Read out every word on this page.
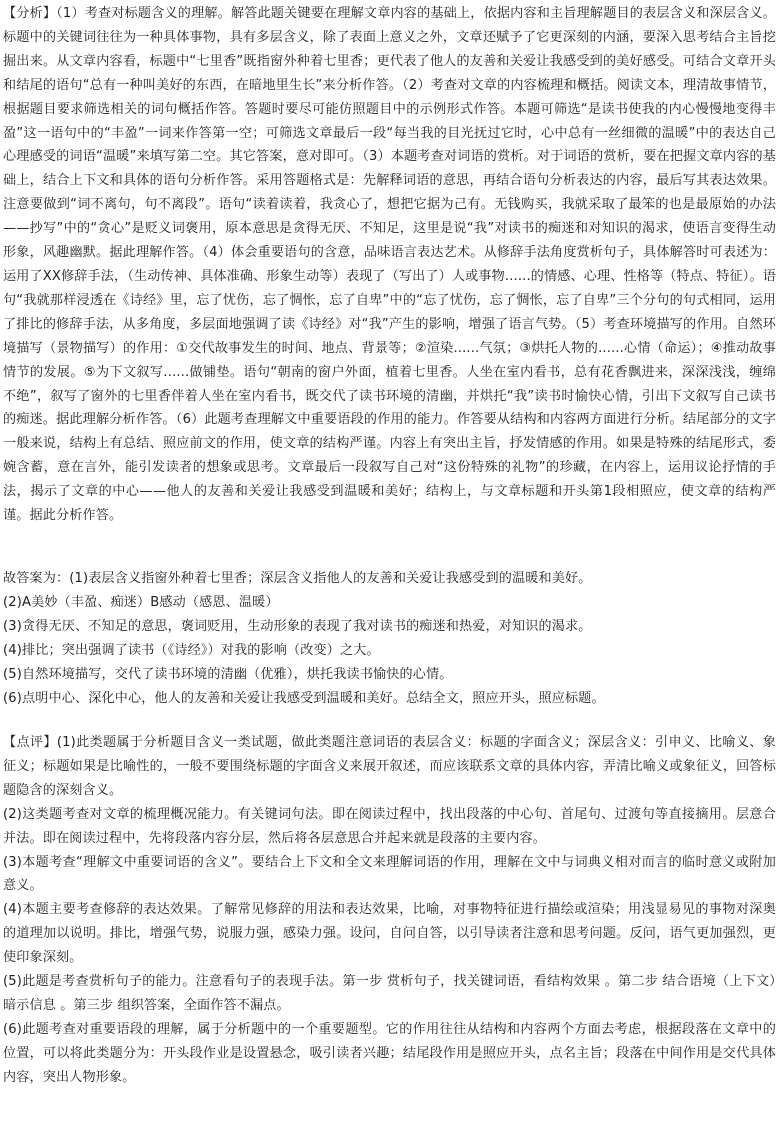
【分析】（1）考查对标题含义的理解。解答此题关键要在理解文章内容的基础上，依据内容和主旨理解题目的表层含义和深层含义。标题中的关键词往往为一种具体事物，具有多层含义，除了表面上意义之外，文章还赋予了它更深刻的内涵，要深入思考结合主旨挖掘出来。从文章内容看，标题中“七里香”既指窗外种着七里香；更代表了他人的友善和关爱让我感受到的美好感受。可结合文章开头和结尾的语句“总有一种叫美好的东西，在暗地里生长”来分析作答。（2）考查对文章的内容梳理和概括。阅读文本，理清故事情节，根据题目要求筛选相关的词句概括作答。答题时要尽可能仿照题目中的示例形式作答。本题可筛选“是读书使我的内心慢慢地变得丰盈”这一语句中的“丰盈”一词来作答第一空；可筛选文章最后一段“每当我的目光抚过它时，心中总有一丝细微的温暖”中的表达自己心理感受的词语“温暖”来填写第二空。其它答案，意对即可。（3）本题考查对词语的赏析。对于词语的赏析，要在把握文章内容的基础上，结合上下文和具体的语句分析作答。采用答题格式是：先解释词语的意思，再结合语句分析表达的内容，最后写其表达效果。注意要做到“词不离句，句不离段”。语句“读着读着，我贪心了，想把它据为己有。无钱购买，我就采取了最笨的也是最原始的办法——抄写”中的“贪心”是贬义词褒用，原本意思是贪得无厌、不知足，这里是说“我”对读书的痴迷和对知识的渴求，使语言变得生动形象，风趣幽默。据此理解作答。（4）体会重要语句的含意，品味语言表达艺术。从修辞手法角度赏析句子，具体解答时可表述为：运用了XX修辞手法，（生动传神、具体准确、形象生动等）表现了（写出了）人或事物......的情感、心理、性格等（特点、特征）。语句“我就那样浸透在《诗经》里，忘了忧伤，忘了惆怅，忘了自卑”中的“忘了忧伤，忘了惆怅，忘了自卑”三个分句的句式相同，运用了排比的修辞手法，从多角度，多层面地强调了读《诗经》对“我”产生的影响，增强了语言气势。（5）考查环境描写的作用。自然环境描写（景物描写）的作用：①交代故事发生的时间、地点、背景等；②渲染......气氛；③烘托人物的......心情（命运）；④推动故事情节的发展。⑤为下文叙写......做铺垫。语句“朝南的窗户外面，植着七里香。人坐在室内看书，总有花香飘进来，深深浅浅，缠绵不绝”，叙写了窗外的七里香伴着人坐在室内看书，既交代了读书环境的清幽，并烘托“我”读书时愉快心情，引出下文叙写自己读书的痴迷。据此理解分析作答。（6）此题考查理解文中重要语段的作用的能力。作答要从结构和内容两方面进行分析。结尾部分的文字一般来说，结构上有总结、照应前文的作用，使文章的结构严谨。内容上有突出主旨，抒发情感的作用。如果是特殊的结尾形式，委婉含蓄，意在言外，能引发读者的想象或思考。文章最后一段叙写自己对“这份特殊的礼物”的珍藏，在内容上，运用议论抒情的手法，揭示了文章的中心——他人的友善和关爱让我感受到温暖和美好；结构上，与文章标题和开头第1段相照应，使文章的结构严谨。据此分析作答。

故答案为：(1)表层含义指窗外种着七里香；深层含义指他人的友善和关爱让我感受到的温暖和美好。

(2)A美妙（丰盈、痴迷）B感动（感恩、温暖）

(3)贪得无厌、不知足的意思，褒词贬用，生动形象的表现了我对读书的痴迷和热爱，对知识的渴求。

(4)排比；突出强调了读书（《诗经》）对我的影响（改变）之大。

(5)自然环境描写，交代了读书环境的清幽（优雅），烘托我读书愉快的心情。

(6)点明中心、深化中心，他人的友善和关爱让我感受到温暖和美好。总结全文，照应开头，照应标题。

【点评】(1)此类题属于分析题目含义一类试题，做此类题注意词语的表层含义：标题的字面含义；深层含义：引申义、比喻义、象征义；标题如果是比喻性的，一般不要围绕标题的字面含义来展开叙述，而应该联系文章的具体内容，弄清比喻义或象征义，回答标题隐含的深刻含义。

(2)这类题考查对文章的梳理概况能力。有关键词句法。即在阅读过程中，找出段落的中心句、首尾句、过渡句等直接摘用。层意合并法。即在阅读过程中，先将段落内容分层，然后将各层意思合并起来就是段落的主要内容。

(3)本题考查“理解文中重要词语的含义”。要结合上下文和全文来理解词语的作用，理解在文中与词典义相对而言的临时意义或附加意义。

(4)本题主要考查修辞的表达效果。了解常见修辞的用法和表达效果，比喻，对事物特征进行描绘或渲染；用浅显易见的事物对深奥的道理加以说明。排比，增强气势，说服力强，感染力强。设问，自问自答，以引导读者注意和思考问题。反问，语气更加强烈，更使印象深刻。

(5)此题是考查赏析句子的能力。注意看句子的表现手法。第一步 赏析句子，找关键词语，看结构效果 。第二步 结合语境（上下文）暗示信息 。第三步 组织答案，全面作答不漏点。

(6)此题考查对重要语段的理解，属于分析题中的一个重要题型。它的作用往往从结构和内容两个方面去考虑，根据段落在文章中的位置，可以将此类题分为：开头段作业是设置悬念，吸引读者兴趣；结尾段作用是照应开头，点名主旨；段落在中间作用是交代具体内容，突出人物形象。
